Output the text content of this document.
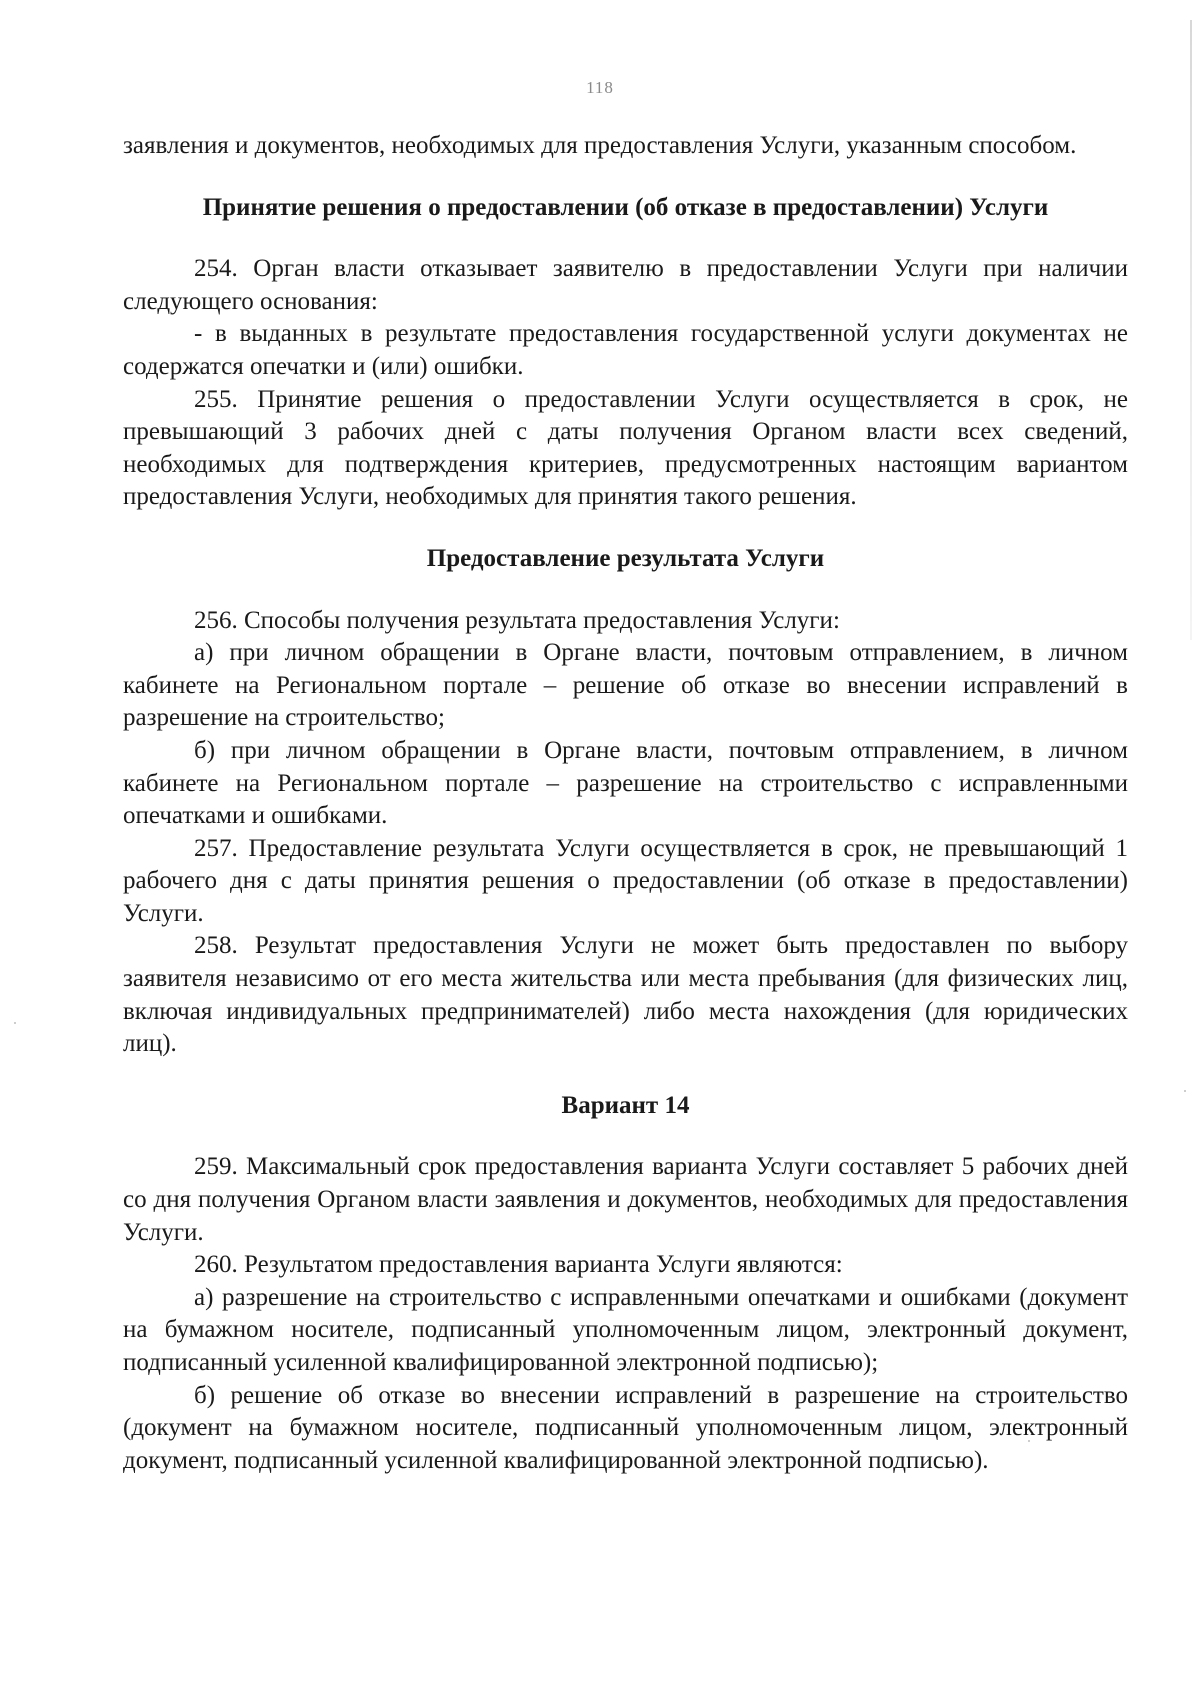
118

заявления и документов, необходимых для предоставления Услуги, указанным способом.

Принятие решения о предоставлении (об отказе в предоставлении) Услуги

254. Орган власти отказывает заявителю в предоставлении Услуги при наличии следующего основания:

- в выданных в результате предоставления государственной услуги документах не содержатся опечатки и (или) ошибки.

255. Принятие решения о предоставлении Услуги осуществляется в срок, не превышающий 3 рабочих дней с даты получения Органом власти всех сведений, необходимых для подтверждения критериев, предусмотренных настоящим вариантом предоставления Услуги, необходимых для принятия такого решения.

Предоставление результата Услуги

256. Способы получения результата предоставления Услуги:

а) при личном обращении в Органе власти, почтовым отправлением, в личном кабинете на Региональном портале – решение об отказе во внесении исправлений в разрешение на строительство;

б) при личном обращении в Органе власти, почтовым отправлением, в личном кабинете на Региональном портале – разрешение на строительство с исправленными опечатками и ошибками.

257. Предоставление результата Услуги осуществляется в срок, не превышающий 1 рабочего дня с даты принятия решения о предоставлении (об отказе в предоставлении) Услуги.

258. Результат предоставления Услуги не может быть предоставлен по выбору заявителя независимо от его места жительства или места пребывания (для физических лиц, включая индивидуальных предпринимателей) либо места нахождения (для юридических лиц).

Вариант 14

259. Максимальный срок предоставления варианта Услуги составляет 5 рабочих дней со дня получения Органом власти заявления и документов, необходимых для предоставления Услуги.

260. Результатом предоставления варианта Услуги являются:

а) разрешение на строительство с исправленными опечатками и ошибками (документ на бумажном носителе, подписанный уполномоченным лицом, электронный документ, подписанный усиленной квалифицированной электронной подписью);

б) решение об отказе во внесении исправлений в разрешение на строительство (документ на бумажном носителе, подписанный уполномоченным лицом, электронный документ, подписанный усиленной квалифицированной электронной подписью).
